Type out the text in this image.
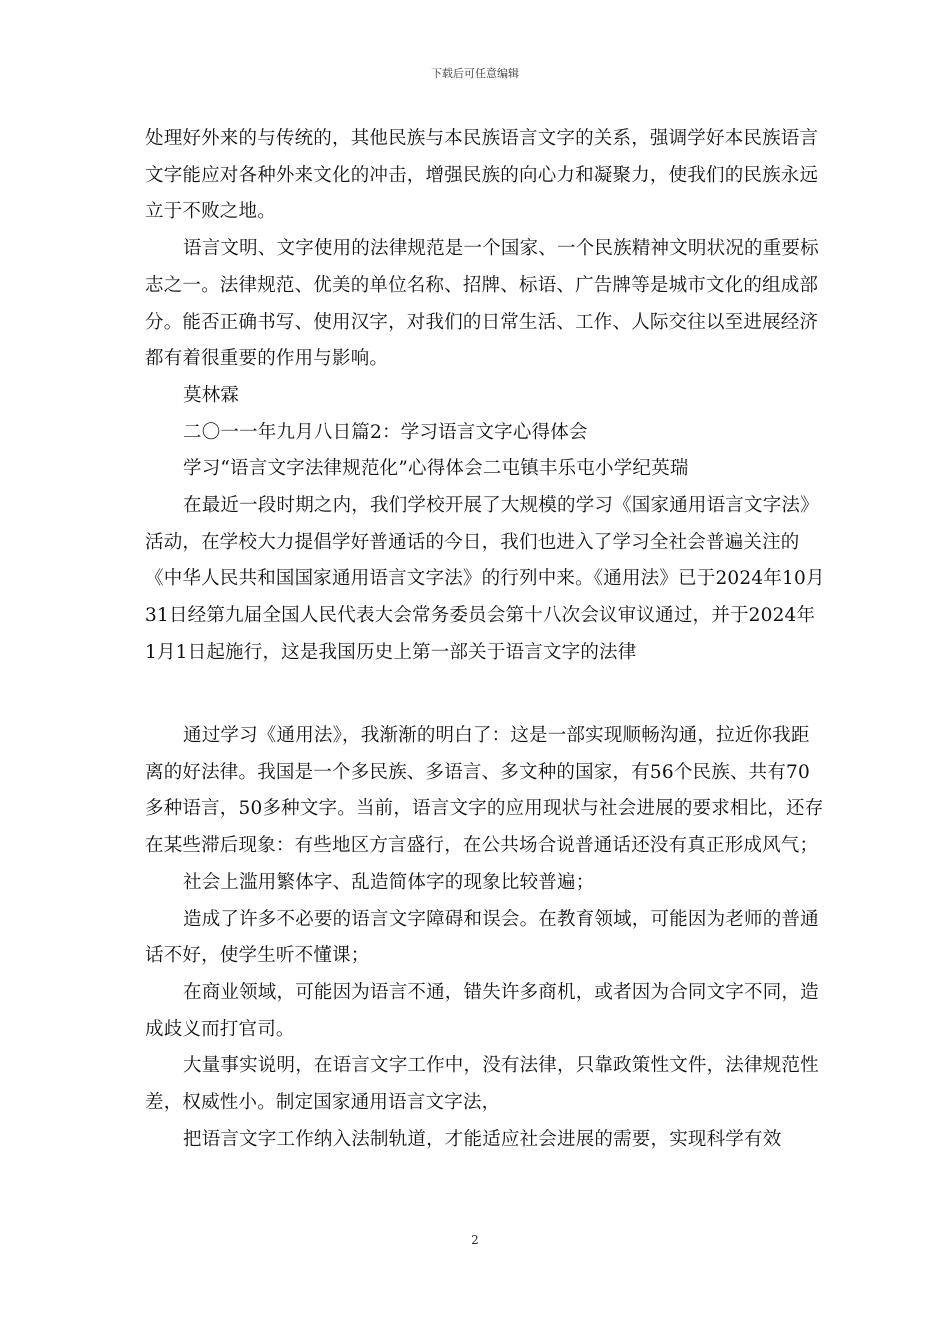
下载后可任意编辑

处理好外来的与传统的，其他民族与本民族语言文字的关系，强调学好本民族语言文字能应对各种外来文化的冲击，增强民族的向心力和凝聚力，使我们的民族永远立于不败之地。

语言文明、文字使用的法律规范是一个国家、一个民族精神文明状况的重要标志之一。法律规范、优美的单位名称、招牌、标语、广告牌等是城市文化的组成部分。能否正确书写、使用汉字，对我们的日常生活、工作、人际交往以至进展经济都有着很重要的作用与影响。

莫林霖

二〇一一年九月八日篇2：学习语言文字心得体会

学习“语言文字法律规范化”心得体会二屯镇丰乐屯小学纪英瑞

在最近一段时期之内，我们学校开展了大规模的学习《国家通用语言文字法》活动，在学校大力提倡学好普通话的今日，我们也进入了学习全社会普遍关注的《中华人民共和国国家通用语言文字法》的行列中来。《通用法》已于2024年10月31日经第九届全国人民代表大会常务委员会第十八次会议审议通过，并于2024年1月1日起施行，这是我国历史上第一部关于语言文字的法律

通过学习《通用法》，我渐渐的明白了：这是一部实现顺畅沟通，拉近你我距离的好法律。我国是一个多民族、多语言、多文种的国家，有56个民族、共有70多种语言，50多种文字。当前，语言文字的应用现状与社会进展的要求相比，还存在某些滞后现象：有些地区方言盛行，在公共场合说普通话还没有真正形成风气；

社会上滥用繁体字、乱造简体字的现象比较普遍；

造成了许多不必要的语言文字障碍和误会。在教育领域，可能因为老师的普通话不好，使学生听不懂课；

在商业领域，可能因为语言不通，错失许多商机，或者因为合同文字不同，造成歧义而打官司。

大量事实说明，在语言文字工作中，没有法律，只靠政策性文件，法律规范性差，权威性小。制定国家通用语言文字法，

把语言文字工作纳入法制轨道，才能适应社会进展的需要，实现科学有效

2
